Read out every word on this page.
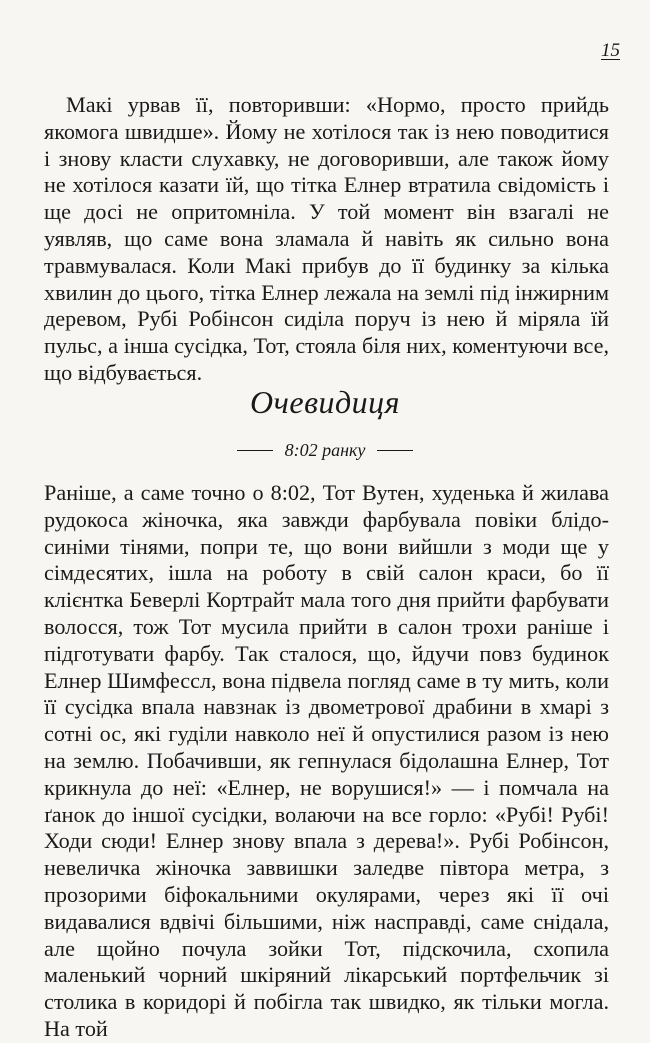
15

Макі урвав її, повторивши: «Нормо, просто прийдь якомога швидше». Йому не хотілося так із нею поводитися і знову класти слухавку, не договоривши, але також йому не хотілося казати їй, що тітка Елнер втратила свідомість і ще досі не опритомніла. У той момент він взагалі не уявляв, що саме вона зламала й навіть як сильно вона травмувалася. Коли Макі прибув до її будинку за кілька хвилин до цього, тітка Елнер лежала на землі під інжирним деревом, Рубі Робінсон сиділа поруч із нею й міряла їй пульс, а інша сусідка, Тот, стояла біля них, коментуючи все, що відбувається.

Очевидиця
8:02 ранку

Раніше, а саме точно о 8:02, Тот Вутен, худенька й жилава рудокоса жіночка, яка завжди фарбувала повіки блідо-синіми тінями, попри те, що вони вийшли з моди ще у сімдесятих, ішла на роботу в свій салон краси, бо її клієнтка Беверлі Кортрайт мала того дня прийти фарбувати волосся, тож Тот мусила прийти в салон трохи раніше і підготувати фарбу. Так сталося, що, йдучи повз будинок Елнер Шимфессл, вона підвела погляд саме в ту мить, коли її сусідка впала навзнак із двометрової драбини в хмарі з сотні ос, які гуділи навколо неї й опустилися разом із нею на землю. Побачивши, як гепнулася бідолашна Елнер, Тот крикнула до неї: «Елнер, не ворушися!» — і помчала на ґанок до іншої сусідки, волаючи на все горло: «Рубі! Рубі! Ходи сюди! Елнер знову впала з дерева!». Рубі Робінсон, невеличка жіночка заввишки заледве півтора метра, з прозорими біфокальними окулярами, через які її очі видавалися вдвічі більшими, ніж насправді, саме снідала, але щойно почула зойки Тот, підскочила, схопила маленький чорний шкіряний лікарський портфельчик зі столика в коридорі й побігла так швидко, як тільки могла. На той
